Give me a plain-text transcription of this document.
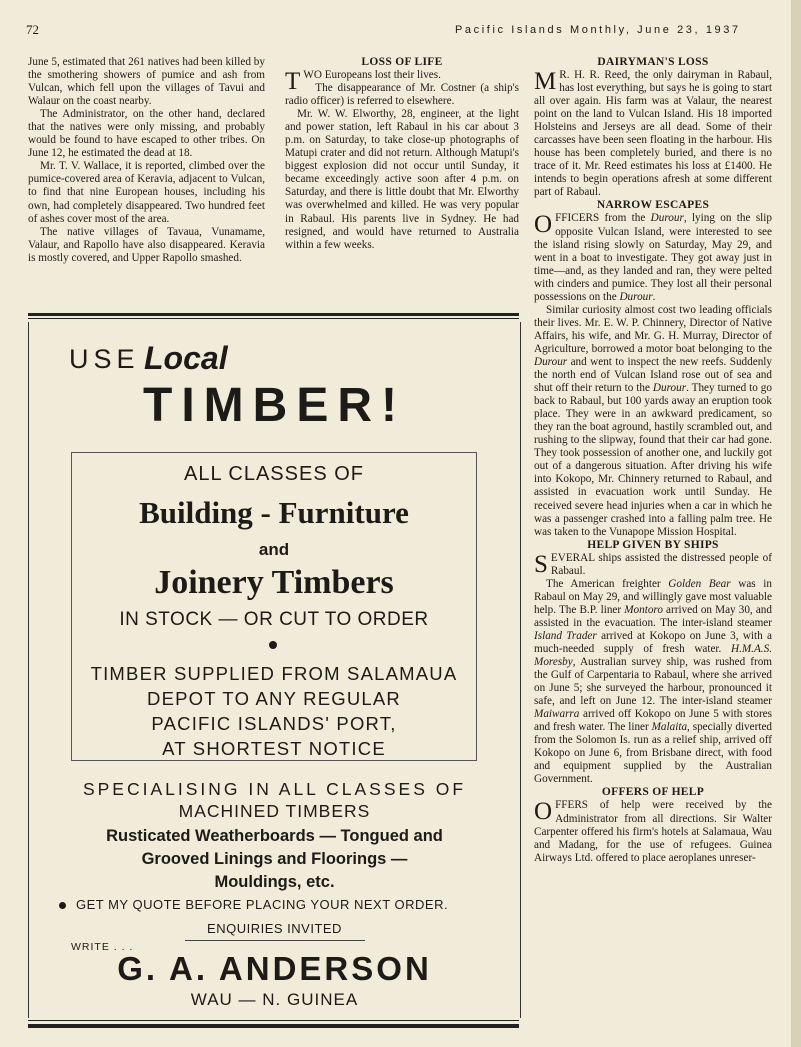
72	Pacific Islands Monthly, June 23, 1937

June 5, estimated that 261 natives had been killed by the smothering showers of pumice and ash from Vulcan, which fell upon the villages of Tavui and Walaur on the coast nearby.

The Administrator, on the other hand, declared that the natives were only missing, and probably would be found to have escaped to other tribes. On June 12, he estimated the dead at 18.

Mr. T. V. Wallace, it is reported, climbed over the pumice-covered area of Keravia, adjacent to Vulcan, to find that nine European houses, including his own, had completely disappeared. Two hundred feet of ashes cover most of the area.

The native villages of Tavaua, Vunamame, Valaur, and Rapollo have also disappeared. Keravia is mostly covered, and Upper Rapollo smashed.

LOSS OF LIFE

TWO Europeans lost their lives.

The disappearance of Mr. Costner (a ship's radio officer) is referred to elsewhere.

Mr. W. W. Elworthy, 28, engineer, at the light and power station, left Rabaul in his car about 3 p.m. on Saturday, to take close-up photographs of Matupi crater and did not return. Although Matupi's biggest explosion did not occur until Sunday, it became exceedingly active soon after 4 p.m. on Saturday, and there is little doubt that Mr. Elworthy was overwhelmed and killed. He was very popular in Rabaul. His parents live in Sydney. He had resigned, and would have returned to Australia within a few weeks.

DAIRYMAN'S LOSS

M R. H. R. Reed, the only dairyman in Rabaul, has lost everything, but says he is going to start all over again. His farm was at Valaur, the nearest point on the land to Vulcan Island. His 18 imported Holsteins and Jerseys are all dead. Some of their carcasses have been seen floating in the harbour. His house has been completely buried, and there is no trace of it. Mr. Reed estimates his loss at £1400. He intends to begin operations afresh at some different part of Rabaul.

NARROW ESCAPES

OFFICERS from the Durour, lying on the slip opposite Vulcan Island, were interested to see the island rising slowly on Saturday, May 29, and went in a boat to investigate. They got away just in time—and, as they landed and ran, they were pelted with cinders and pumice. They lost all their personal possessions on the Durour.

Similar curiosity almost cost two leading officials their lives. Mr. E. W. P. Chinnery, Director of Native Affairs, his wife, and Mr. G. H. Murray, Director of Agriculture, borrowed a motor boat belonging to the Durour and went to inspect the new reefs. Suddenly the north end of Vulcan Island rose out of sea and shut off their return to the Durour. They turned to go back to Rabaul, but 100 yards away an eruption took place. They were in an awkward predicament, so they ran the boat aground, hastily scrambled out, and rushing to the slipway, found that their car had gone. They took possession of another one, and luckily got out of a dangerous situation. After driving his wife into Kokopo, Mr. Chinnery returned to Rabaul, and assisted in evacuation work until Sunday. He received severe head injuries when a car in which he was a passenger crashed into a falling palm tree. He was taken to the Vunapope Mission Hospital.

HELP GIVEN BY SHIPS

SEVERAL ships assisted the distressed people of Rabaul.

The American freighter Golden Bear was in Rabaul on May 29, and willingly gave most valuable help. The B.P. liner Montoro arrived on May 30, and assisted in the evacuation. The inter-island steamer Island Trader arrived at Kokopo on June 3, with a much-needed supply of fresh water. H.M.A.S. Moresby, Australian survey ship, was rushed from the Gulf of Carpentaria to Rabaul, where she arrived on June 5; she surveyed the harbour, pronounced it safe, and left on June 12. The inter-island steamer Maiwarra arrived off Kokopo on June 5 with stores and fresh water. The liner Malaita, specially diverted from the Solomon Is. run as a relief ship, arrived off Kokopo on June 6, from Brisbane direct, with food and equipment supplied by the Australian Government.

OFFERS OF HELP

OFFERS of help were received by the Administrator from all directions. Sir Walter Carpenter offered his firm's hotels at Salamaua, Wau and Madang, for the use of refugees. Guinea Airways Ltd. offered to place aeroplanes unreser-

USE Local
TIMBER!
ALL CLASSES OF
Building - Furniture
and
Joinery Timbers
IN STOCK — OR CUT TO ORDER
TIMBER SUPPLIED FROM SALAMAUA
DEPOT TO ANY REGULAR
PACIFIC ISLANDS' PORT,
AT SHORTEST NOTICE
SPECIALISING IN ALL CLASSES OF
MACHINED TIMBERS
Rusticated Weatherboards — Tongued and
Grooved Linings and Floorings —
Mouldings, etc.
GET MY QUOTE BEFORE PLACING YOUR NEXT ORDER.
ENQUIRIES INVITED
WRITE . . .
G. A. ANDERSON
WAU — N. GUINEA
